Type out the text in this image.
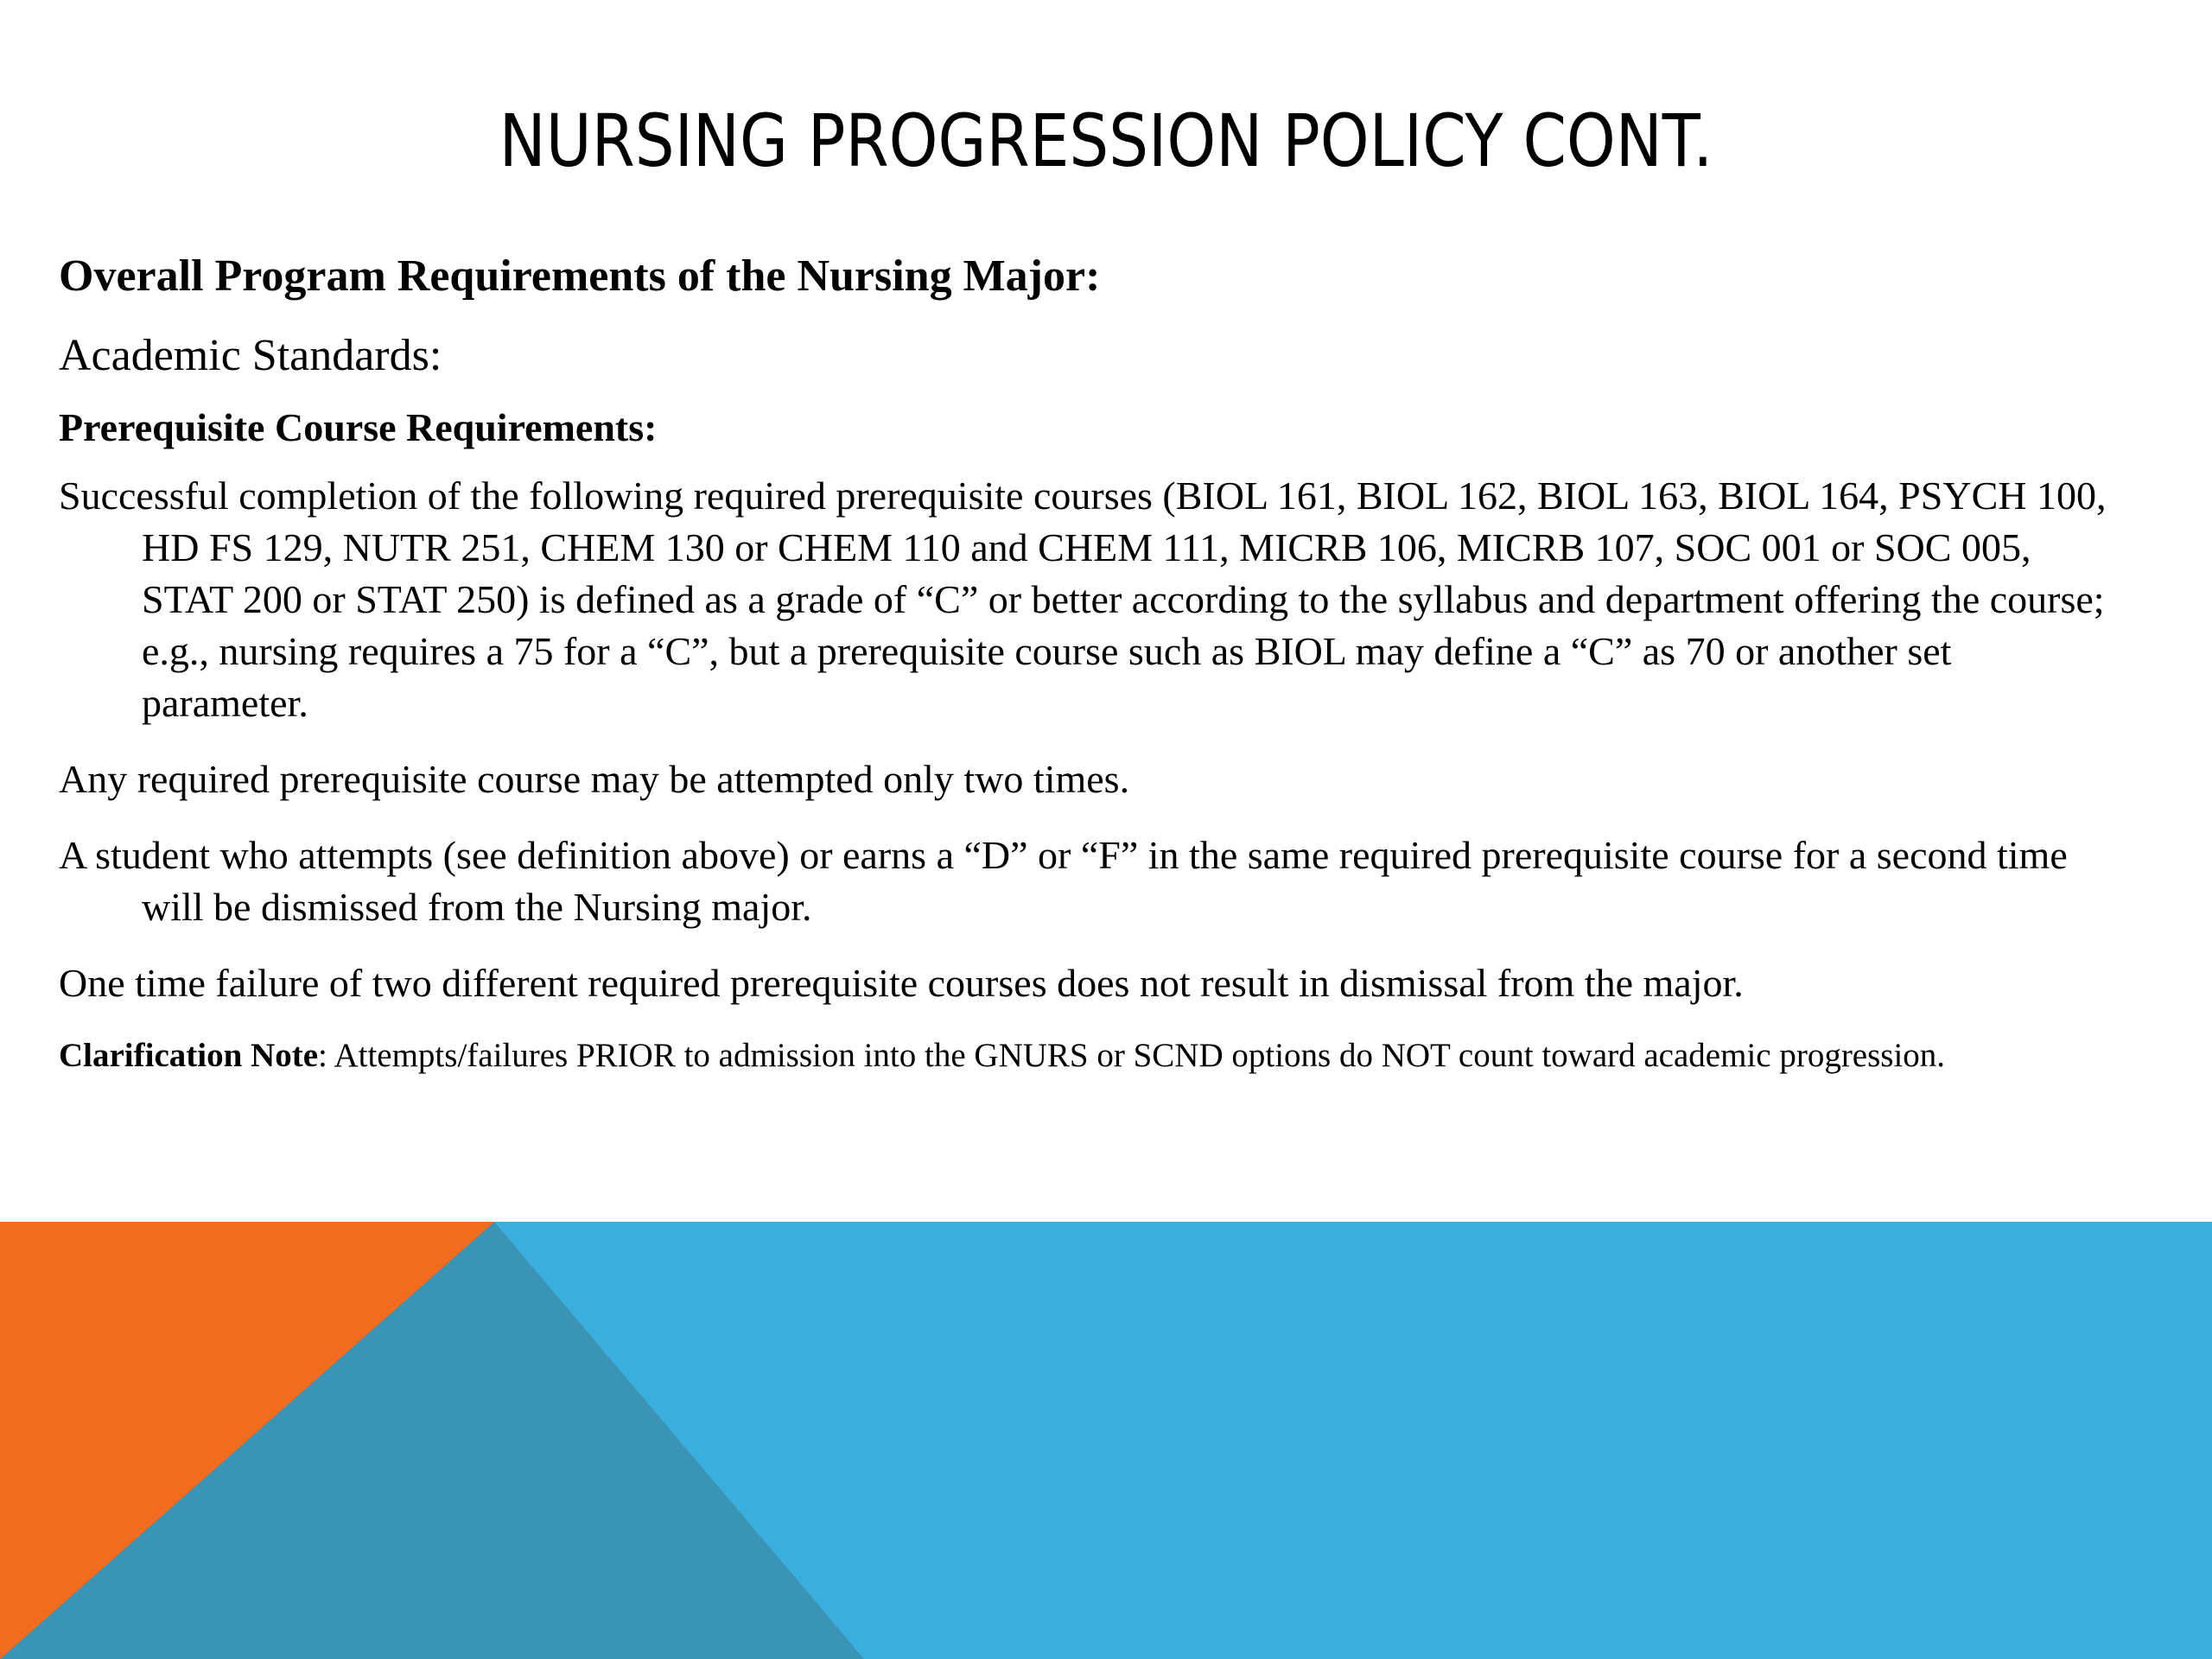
NURSING PROGRESSION POLICY CONT.

Overall Program Requirements of the Nursing Major:

Academic Standards:

Prerequisite Course Requirements:

Successful completion of the following required prerequisite courses (BIOL 161, BIOL 162, BIOL 163, BIOL 164, PSYCH 100, HD FS 129, NUTR 251, CHEM 130 or CHEM 110 and CHEM 111, MICRB 106, MICRB 107, SOC 001 or SOC 005, STAT 200 or STAT 250) is defined as a grade of “C” or better according to the syllabus and department offering the course; e.g., nursing requires a 75 for a “C”, but a prerequisite course such as BIOL may define a “C” as 70 or another set parameter.

Any required prerequisite course may be attempted only two times.

A student who attempts (see definition above) or earns a “D” or “F” in the same required prerequisite course for a second time will be dismissed from the Nursing major.

One time failure of two different required prerequisite courses does not result in dismissal from the major.

Clarification Note: Attempts/failures PRIOR to admission into the GNURS or SCND options do NOT count toward academic progression.
